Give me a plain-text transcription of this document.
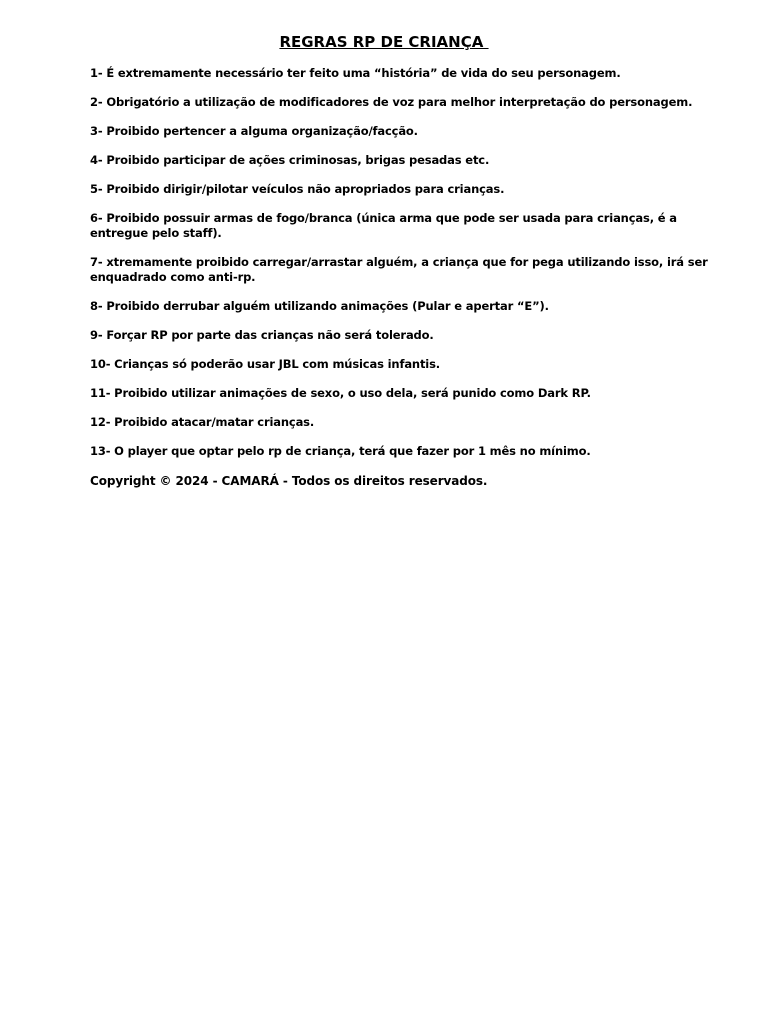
REGRAS RP DE CRIANÇA
1- É extremamente necessário ter feito uma “história” de vida do seu personagem.
2- Obrigatório a utilização de modificadores de voz para melhor interpretação do personagem.
3- Proibido pertencer a alguma organização/facção.
4- Proibido participar de ações criminosas, brigas pesadas etc.
5- Proibido dirigir/pilotar veículos não apropriados para crianças.
6- Proibido possuir armas de fogo/branca (única arma que pode ser usada para crianças, é a entregue pelo staff).
7- xtremamente proibido carregar/arrastar alguém, a criança que for pega utilizando isso, irá ser enquadrado como anti-rp.
8- Proibido derrubar alguém utilizando animações (Pular e apertar “E”).
9- Forçar RP por parte das crianças não será tolerado.
10- Crianças só poderão usar JBL com músicas infantis.
11- Proibido utilizar animações de sexo, o uso dela, será punido como Dark RP.
12- Proibido atacar/matar crianças.
13- O player que optar pelo rp de criança, terá que fazer por 1 mês no mínimo.
Copyright © 2024 - CAMARÁ - Todos os direitos reservados.
